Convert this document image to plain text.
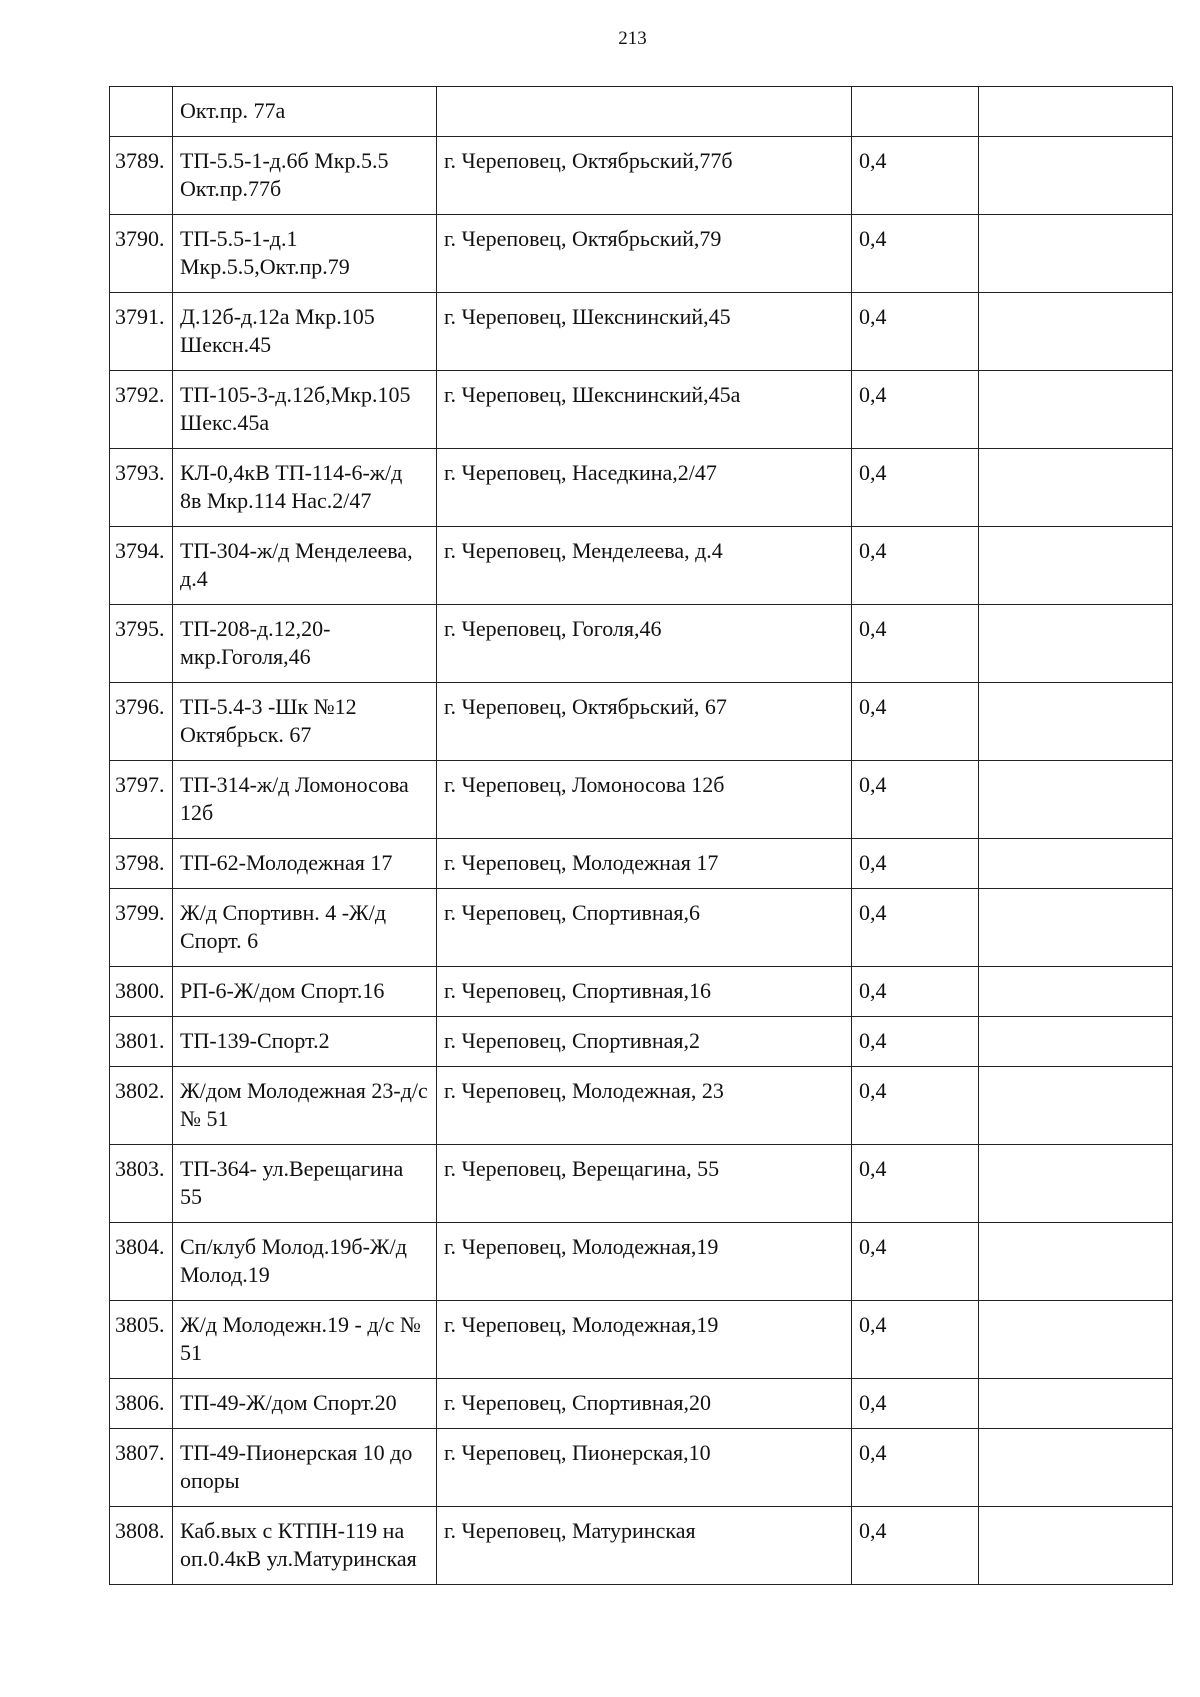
213
	Окт.пр. 77а			
3789.	ТП-5.5-1-д.6б Мкр.5.5 Окт.пр.77б	г. Череповец, Октябрьский,77б	0,4	
3790.	ТП-5.5-1-д.1 Мкр.5.5,Окт.пр.79	г. Череповец, Октябрьский,79	0,4	
3791.	Д.12б-д.12а Мкр.105 Шексн.45	г. Череповец, Шекснинский,45	0,4	
3792.	ТП-105-3-д.12б,Мкр.105 Шекс.45а	г. Череповец, Шекснинский,45а	0,4	
3793.	КЛ-0,4кВ ТП-114-6-ж/д 8в Мкр.114 Нас.2/47	г. Череповец, Наседкина,2/47	0,4	
3794.	ТП-304-ж/д Менделеева, д.4	г. Череповец, Менделеева, д.4	0,4	
3795.	ТП-208-д.12,20-мкр.Гоголя,46	г. Череповец, Гоголя,46	0,4	
3796.	ТП-5.4-3 -Шк №12 Октябрьск. 67	г. Череповец, Октябрьский, 67	0,4	
3797.	ТП-314-ж/д Ломоносова 12б	г. Череповец, Ломоносова 12б	0,4	
3798.	ТП-62-Молодежная 17	г. Череповец, Молодежная 17	0,4	
3799.	Ж/д Спортивн. 4 -Ж/д Спорт. 6	г. Череповец, Спортивная,6	0,4	
3800.	РП-6-Ж/дом Спорт.16	г. Череповец, Спортивная,16	0,4	
3801.	ТП-139-Спорт.2	г. Череповец, Спортивная,2	0,4	
3802.	Ж/дом Молодежная 23-д/с № 51	г. Череповец, Молодежная, 23	0,4	
3803.	ТП-364- ул.Верещагина 55	г. Череповец, Верещагина, 55	0,4	
3804.	Сп/клуб Молод.19б-Ж/д Молод.19	г. Череповец, Молодежная,19	0,4	
3805.	Ж/д Молодежн.19 - д/с № 51	г. Череповец, Молодежная,19	0,4	
3806.	ТП-49-Ж/дом Спорт.20	г. Череповец, Спортивная,20	0,4	
3807.	ТП-49-Пионерская 10 до опоры	г. Череповец, Пионерская,10	0,4	
3808.	Каб.вых с КТПН-119 на оп.0.4кВ ул.Матуринская	г. Череповец, Матуринская	0,4	
